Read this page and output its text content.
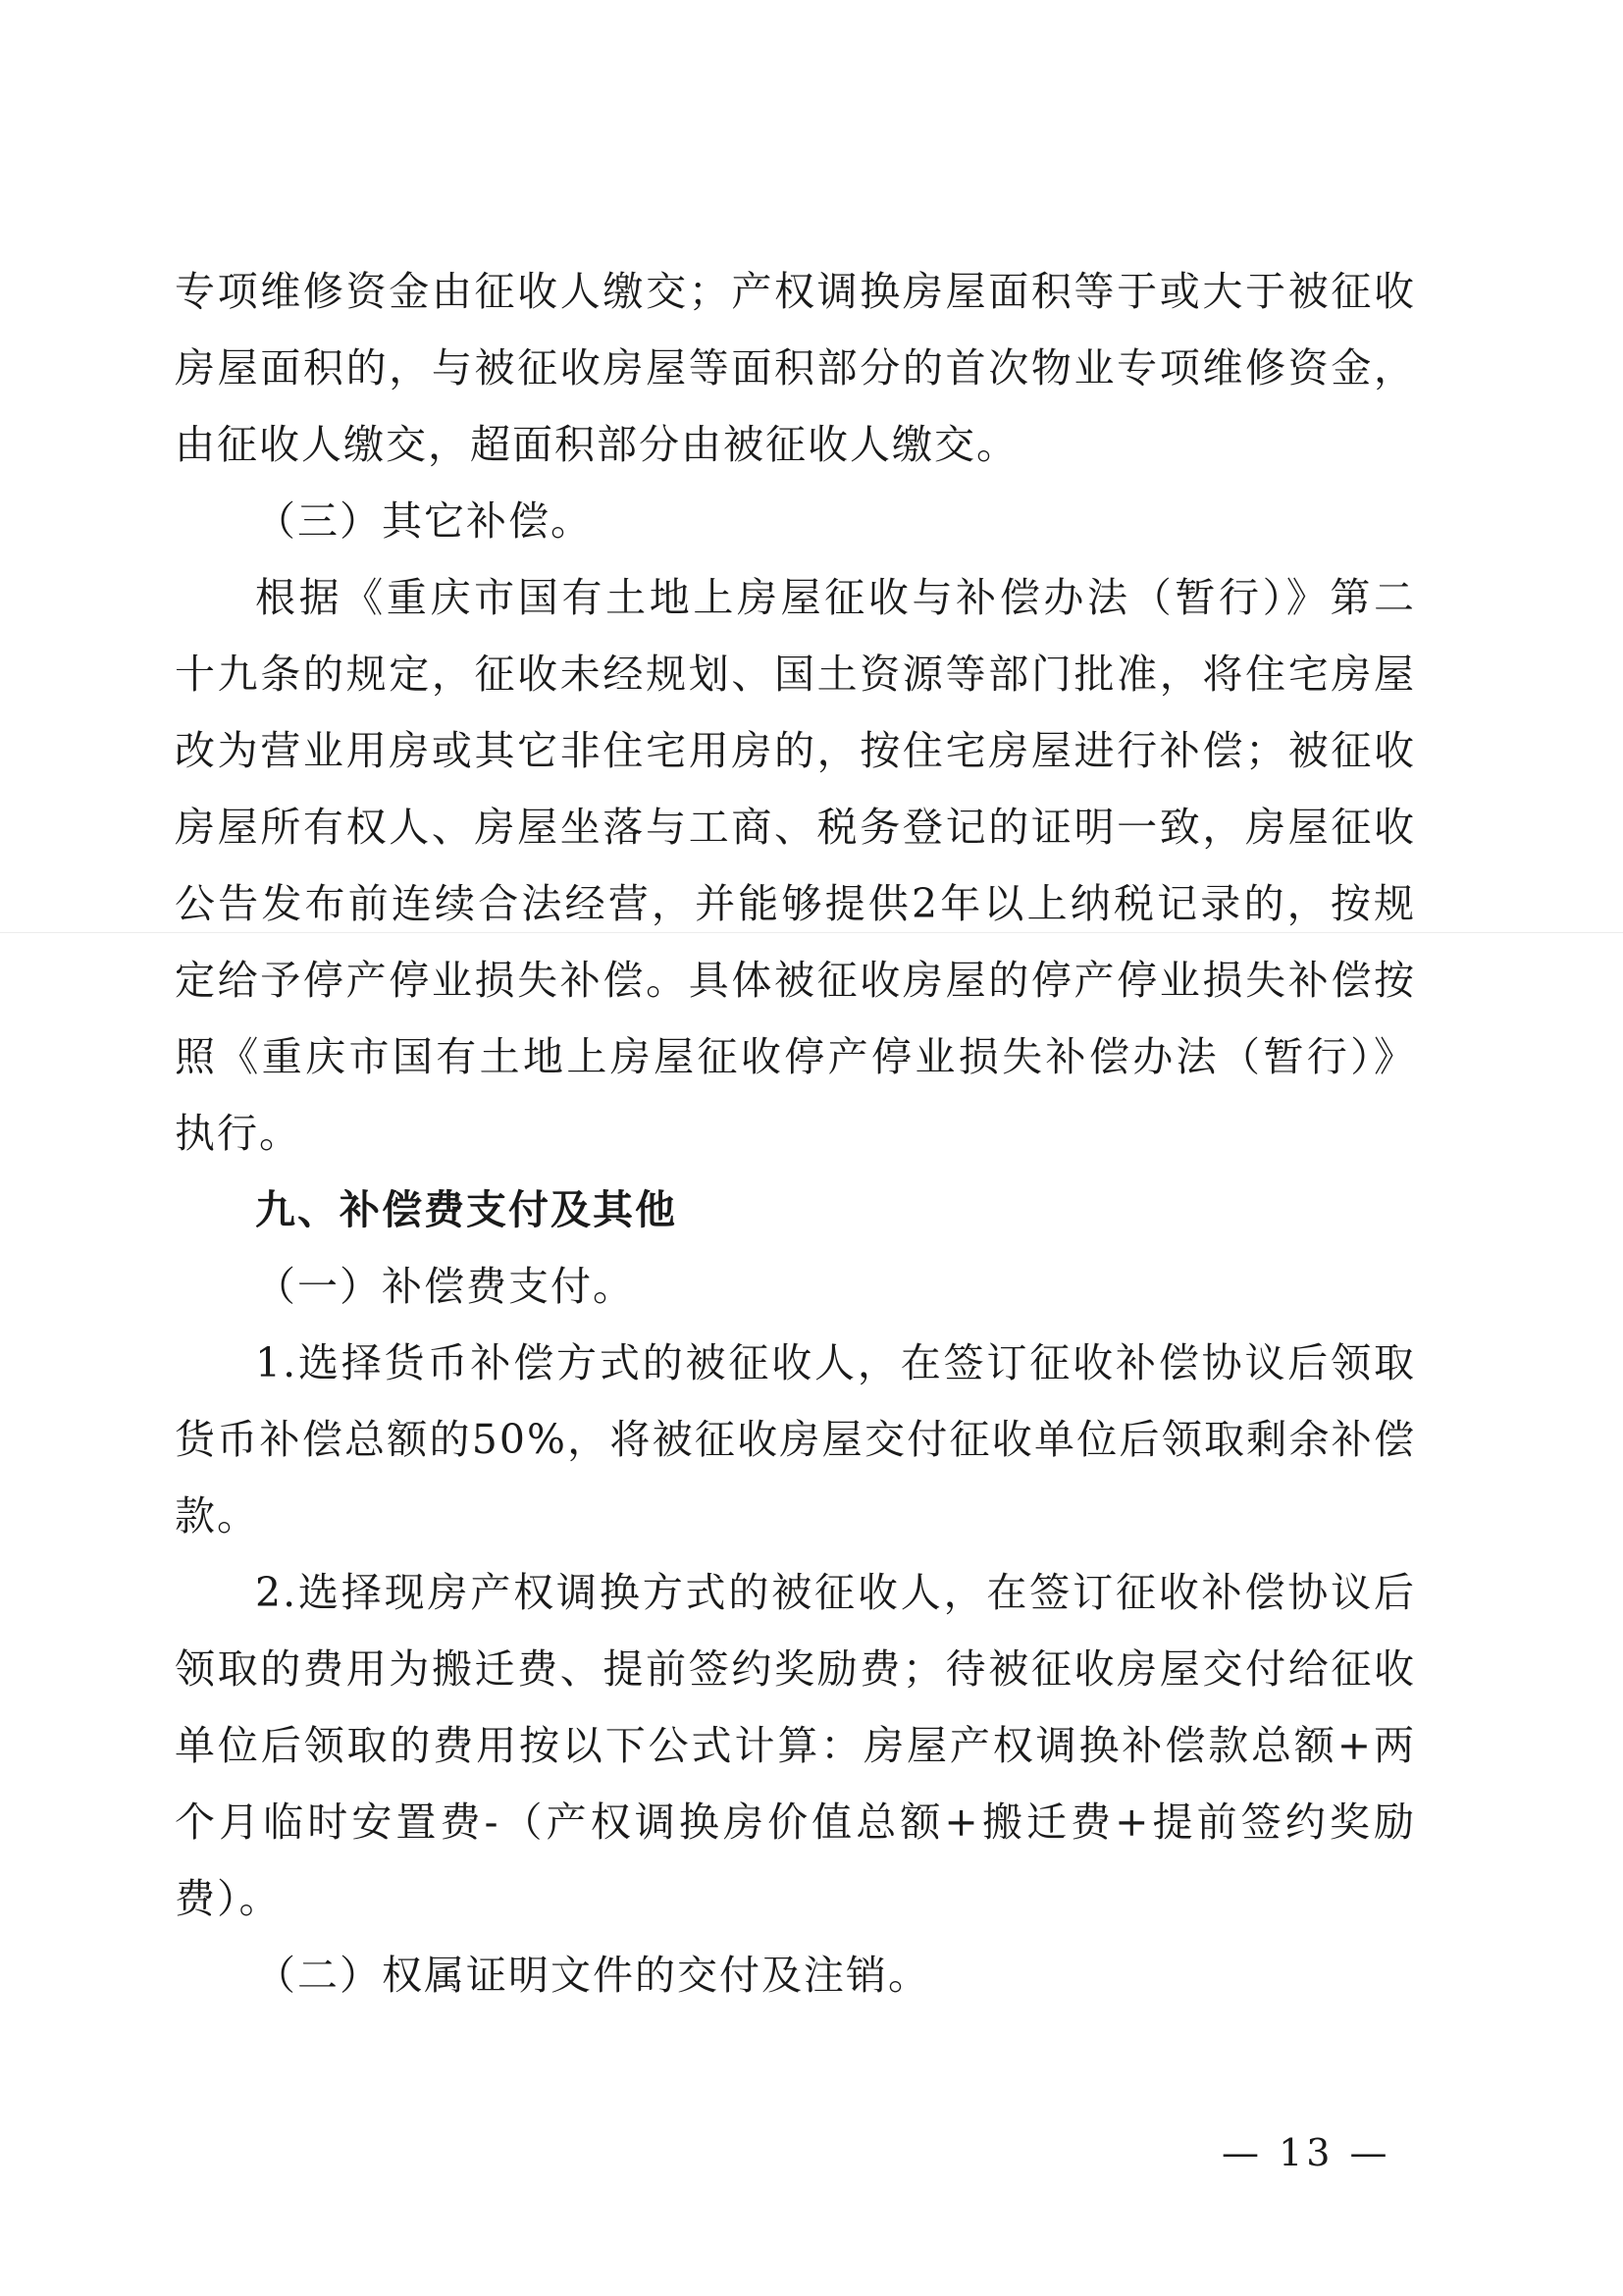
专项维修资金由征收人缴交；产权调换房屋面积等于或大于被征收
房屋面积的，与被征收房屋等面积部分的首次物业专项维修资金，
由征收人缴交，超面积部分由被征收人缴交。
（三）其它补偿。
根据《重庆市国有土地上房屋征收与补偿办法（暂行）》第二
十九条的规定，征收未经规划、国土资源等部门批准，将住宅房屋
改为营业用房或其它非住宅用房的，按住宅房屋进行补偿；被征收
房屋所有权人、房屋坐落与工商、税务登记的证明一致，房屋征收
公告发布前连续合法经营，并能够提供2年以上纳税记录的，按规
定给予停产停业损失补偿。具体被征收房屋的停产停业损失补偿按
照《重庆市国有土地上房屋征收停产停业损失补偿办法（暂行）》
执行。
九、补偿费支付及其他
（一）补偿费支付。
1.选择货币补偿方式的被征收人，在签订征收补偿协议后领取
货币补偿总额的50%，将被征收房屋交付征收单位后领取剩余补偿
款。
2.选择现房产权调换方式的被征收人，在签订征收补偿协议后
领取的费用为搬迁费、提前签约奖励费；待被征收房屋交付给征收
单位后领取的费用按以下公式计算：房屋产权调换补偿款总额+两
个月临时安置费-（产权调换房价值总额+搬迁费+提前签约奖励
费）。
（二）权属证明文件的交付及注销。
— 13 —
